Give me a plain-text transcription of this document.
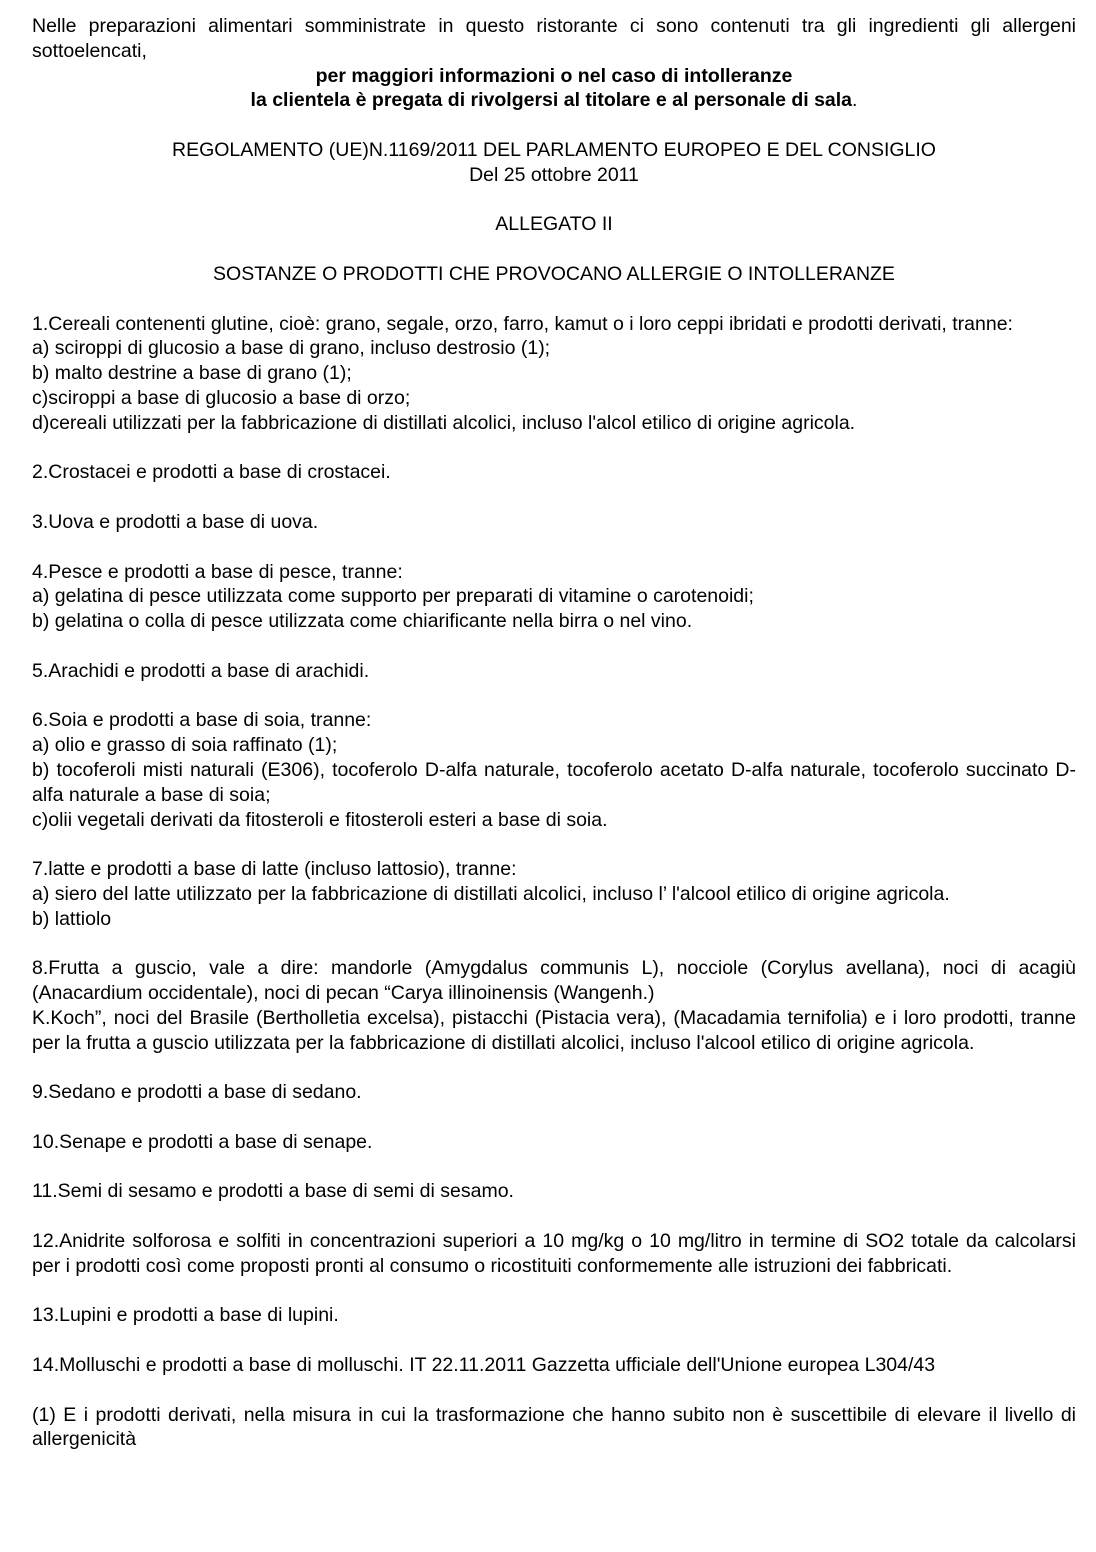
Nelle preparazioni alimentari somministrate in questo ristorante ci sono contenuti tra gli ingredienti gli allergeni sottoelencati,

per maggiori informazioni o nel caso di intolleranze

la clientela è pregata di rivolgersi al titolare e al personale di sala.

REGOLAMENTO (UE)N.1169/2011 DEL PARLAMENTO EUROPEO E DEL CONSIGLIO

Del 25 ottobre 2011

ALLEGATO II

SOSTANZE O PRODOTTI CHE PROVOCANO ALLERGIE O INTOLLERANZE

1.Cereali contenenti glutine, cioè: grano, segale, orzo, farro, kamut o i loro ceppi ibridati e prodotti derivati, tranne:

a) sciroppi di glucosio a base di grano, incluso destrosio (1);

b) malto destrine a base di grano (1);

c)sciroppi a base di glucosio a base di orzo;

d)cereali utilizzati per la fabbricazione di distillati alcolici, incluso l'alcol etilico di origine agricola.

2.Crostacei e prodotti a base di crostacei.

3.Uova e prodotti a base di uova.

4.Pesce e prodotti a base di pesce, tranne:

a) gelatina di pesce utilizzata come supporto per preparati di vitamine o carotenoidi;

b) gelatina o colla di pesce utilizzata come chiarificante nella birra o nel vino.

5.Arachidi e prodotti a base di arachidi.

6.Soia e prodotti a base di soia, tranne:

a) olio e grasso di soia raffinato (1);

b) tocoferoli misti naturali (E306), tocoferolo D-alfa naturale, tocoferolo acetato D-alfa naturale, tocoferolo succinato D-alfa naturale a base di soia;

c)olii vegetali derivati da fitosteroli e fitosteroli esteri a base di soia.

7.latte e prodotti a base di latte (incluso lattosio), tranne:

a) siero del latte utilizzato per la fabbricazione di distillati alcolici, incluso l’ l'alcool etilico di origine agricola.

b) lattiolo

8.Frutta a guscio, vale a dire: mandorle (Amygdalus communis L), nocciole (Corylus avellana), noci di acagiù (Anacardium occidentale), noci di pecan “Carya illinoinensis (Wangenh.)

K.Koch”, noci del Brasile (Bertholletia excelsa), pistacchi (Pistacia vera), (Macadamia ternifolia) e i loro prodotti, tranne per la frutta a guscio utilizzata per la fabbricazione di distillati alcolici, incluso l'alcool etilico di origine agricola.

9.Sedano e prodotti a base di sedano.

10.Senape e prodotti a base di senape.

11.Semi di sesamo e prodotti a base di semi di sesamo.

12.Anidrite solforosa e solfiti in concentrazioni superiori a 10 mg/kg o 10 mg/litro in termine di SO2 totale da calcolarsi per i prodotti così come proposti pronti al consumo o ricostituiti conformemente alle istruzioni dei fabbricati.

13.Lupini e prodotti a base di lupini.

14.Molluschi e prodotti a base di molluschi. IT 22.11.2011 Gazzetta ufficiale dell'Unione europea L304/43

(1) E i prodotti derivati, nella misura in cui la trasformazione che hanno subito non è suscettibile di elevare il livello di allergenicità
